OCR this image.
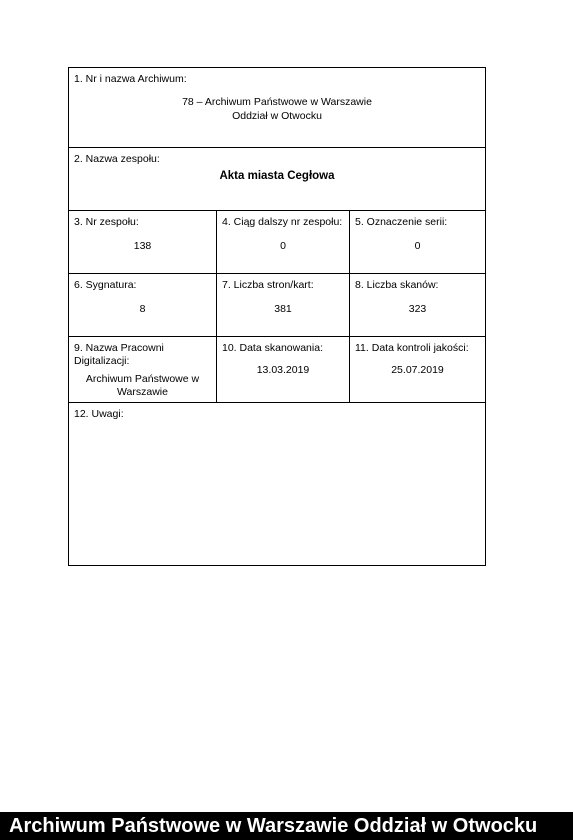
1. Nr i nazwa Archiwum:
78 – Archiwum Państwowe w Warszawie
Oddział w Otwocku
2. Nazwa zespołu:
Akta miasta Cegłowa
3. Nr zespołu:
138
4. Ciąg dalszy nr zespołu:
0
5. Oznaczenie serii:
0
6. Sygnatura:
8
7. Liczba stron/kart:
381
8. Liczba skanów:
323
9. Nazwa Pracowni
Digitalizacji:
Archiwum Państwowe w
Warszawie
10. Data skanowania:
13.03.2019
11. Data kontroli jakości:
25.07.2019
12. Uwagi:
Archiwum Państwowe w Warszawie Oddział w Otwocku
